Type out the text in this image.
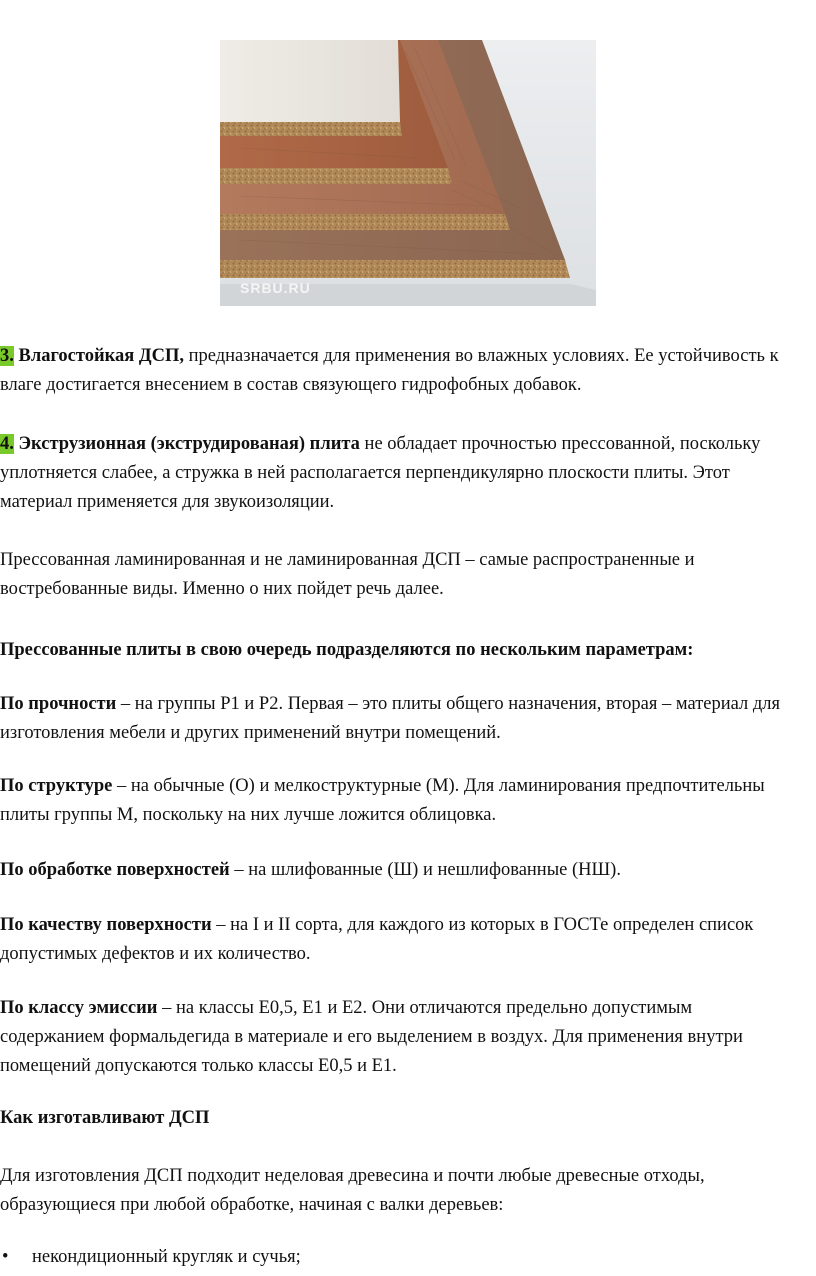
SRBU.RU

3. Влагостойкая ДСП, предназначается для применения во влажных условиях. Ее устойчивость к влаге достигается внесением в состав связующего гидрофобных добавок.

4. Экструзионная (экструдированая) плита не обладает прочностью прессованной, поскольку уплотняется слабее, а стружка в ней располагается перпендикулярно плоскости плиты. Этот материал применяется для звукоизоляции.

Прессованная ламинированная и не ламинированная ДСП – самые распространенные и востребованные виды. Именно о них пойдет речь далее.

Прессованные плиты в свою очередь подразделяются по нескольким параметрам:

По прочности – на группы Р1 и Р2. Первая – это плиты общего назначения, вторая – материал для изготовления мебели и других применений внутри помещений.

По структуре – на обычные (О) и мелкоструктурные (М). Для ламинирования предпочтительны плиты группы М, поскольку на них лучше ложится облицовка.

По обработке поверхностей – на шлифованные (Ш) и нешлифованные (НШ).

По качеству поверхности – на I и II сорта, для каждого из которых в ГОСТе определен список допустимых дефектов и их количество.

По классу эмиссии – на классы Е0,5, Е1 и Е2. Они отличаются предельно допустимым содержанием формальдегида в материале и его выделением в воздух. Для применения внутри помещений допускаются только классы Е0,5 и Е1.

Как изготавливают ДСП

Для изготовления ДСП подходит неделовая древесина и почти любые древесные отходы, образующиеся при любой обработке, начиная с валки деревьев:

• некондиционный кругляк и сучья;
